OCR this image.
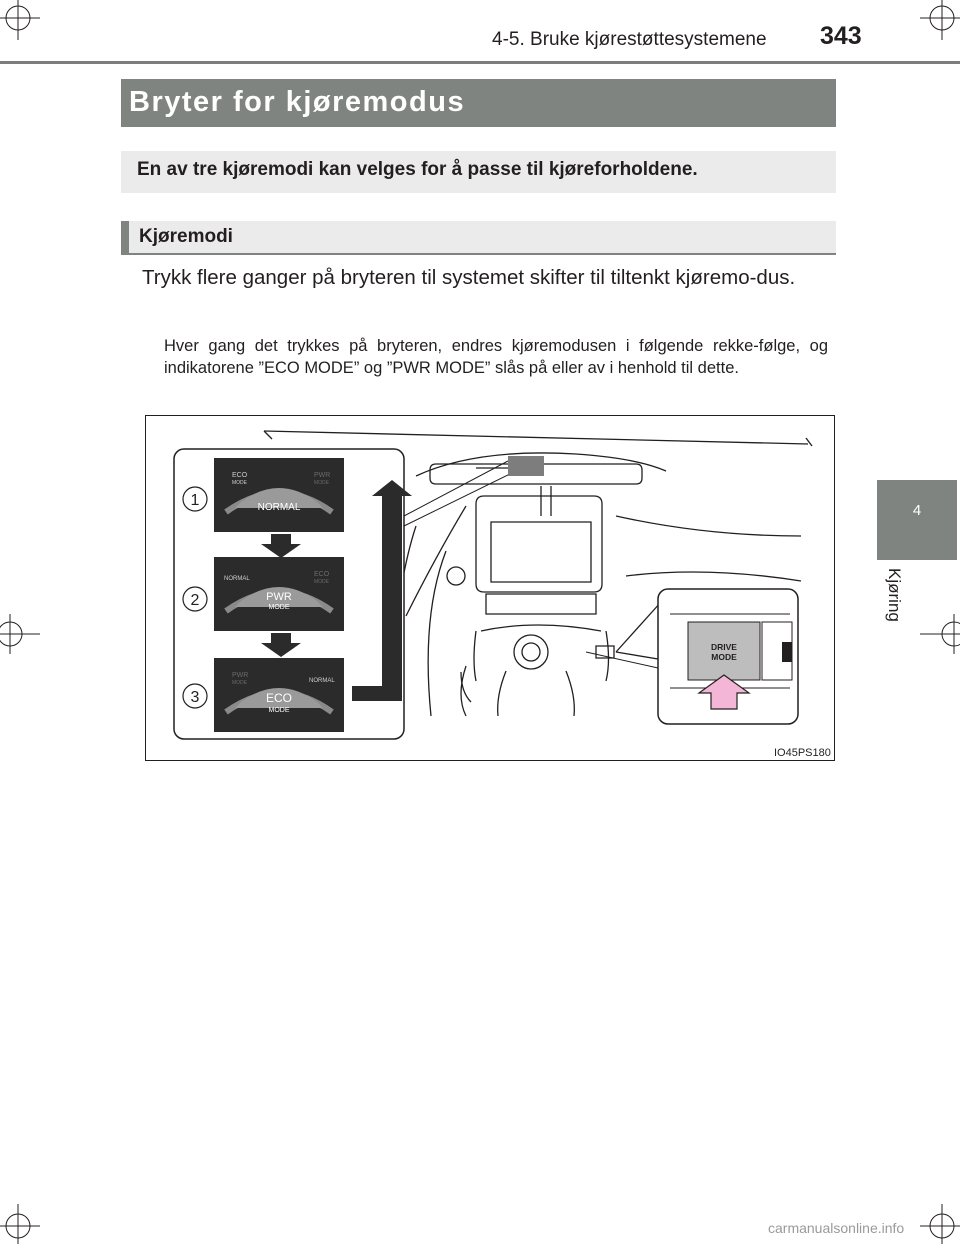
4-5. Bruke kjørestøttesystemene 343
4
Kjøring
Bryter for kjøremodus
En av tre kjøremodi kan velges for å passe til kjøreforholdene.
Kjøremodi
Trykk flere ganger på bryteren til systemet skifter til tiltenkt kjøremo-dus.
Hver gang det trykkes på bryteren, endres kjøremodusen i følgende rekke-følge, og indikatorene ”ECO MODE” og ”PWR MODE” slås på eller av i henhold til dette.
1
2
3
ECO
MODE
PWR
MODE
NORMAL
NORMAL
ECO
MODE
PWR
MODE
PWR
MODE	NORMAL
ECO
MODE
DRIVE
MODE
IO45PS180
carmanualsonline.info
